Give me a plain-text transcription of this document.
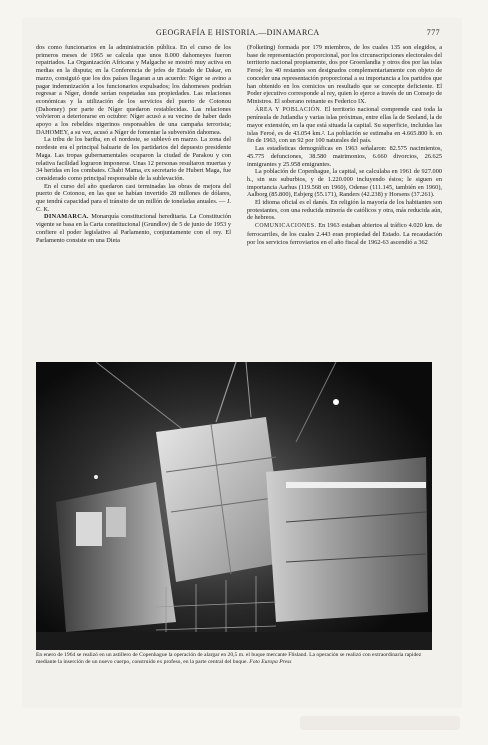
GEOGRAFÍA E HISTORIA.—DINAMARCA	777

dos como funcionarios en la administración pública. En el curso de los primeros meses de 1965 se calcula que unos 8.000 dahomeyes fueron repatriados. La Organización Africana y Malgache se mostró muy activa en medias en la disputa; en la Conferencia de jefes de Estado de Dakar, en marzo, consiguió que los dos países llegaran a un acuerdo: Níger se avino a pagar indemnización a los funcionarios expulsados; los dahomeses podrían regresar a Níger, donde serían respetadas sus propiedades. Las relaciones económicas y la utilización de los servicios del puerto de Cotonou (Dahomey) por parte de Níger quedaron restablecidas. Las relaciones volvieron a deteriorarse en octubre: Níger acusó a su vecino de haber dado apoyo a los rebeldes nigerinos responsables de una campaña terrorista; DAHOMEY, a su vez, acusó a Níger de fomentar la subversión dahomea.

La tribu de los bariba, en el nordeste, se sublevó en marzo. La zona del nordeste era el principal baluarte de los partidarios del depuesto presidente Maga. Las tropas gubernamentales ocuparon la ciudad de Parakou y con relativa facilidad lograron imponerse. Unas 12 personas resultaron muertas y 34 heridas en los combates. Chabi Mama, ex secretario de Hubert Maga, fue considerado como principal responsable de la sublevación.

En el curso del año quedaron casi terminadas las obras de mejora del puerto de Cotonou, en las que se habían invertido 28 millones de dólares, que tendrá capacidad para el tránsito de un millón de toneladas anuales. — J. C. K.

DINAMARCA. Monarquía constitucional hereditaria. La Constitución vigente se basa en la Carta constitucional (Grundlov) de 5 de junio de 1953 y confiere el poder legislativo al Parlamento, conjuntamente con el rey. El Parlamento consiste en una Dieta

(Folketing) formada por 179 miembros, de los cuales 135 son elegidos, a base de representación proporcional, por los circunscripciones electorales del territorio nacional propiamente, dos por Groenlandia y otros dos por las islas Feroé; los 40 restantes son designados complementariamente con objeto de conceder una representación proporcional a su importancia a los partidos que han obtenido en los comicios un resultado que se concepte deficiente. El Poder ejecutivo corresponde al rey, quien lo ejerce a través de un Consejo de Ministros. El soberano reinante es Federico IX.

ÁREA Y POBLACIÓN. El territorio nacional comprende casi toda la península de Jutlandia y varias islas próximas, entre ellas la de Seeland, la de mayor extensión, en la que está situada la capital. Su superficie, incluidas las islas Feroé, es de 43.054 km.². La población se estimaba en 4.665.800 h. en fin de 1963, con un 92 por 100 naturales del país.

Las estadísticas demográficas en 1963 señalaron: 82.575 nacimientos, 45.775 defunciones, 38.580 matrimonios, 6.660 divorcios, 26.625 inmigrantes y 25.958 emigrantes.

La población de Copenhague, la capital, se calculaba en 1961 de 927.000 h., sin sus suburbios, y de 1.220.000 incluyendo éstos; le siguen en importancia Aarhus (119.568 en 1960), Odense (111.145, también en 1960), Aalborg (85.800), Esbjerg (55.171), Randers (42.238) y Horsens (37.261).

El idioma oficial es el danés. En religión la mayoría de los habitantes son protestantes, con una reducida minoría de católicos y otra, más reducida aún, de hebreos.

COMUNICACIONES. En 1963 estaban abiertos al tráfico 4.020 km. de ferrocarriles, de los cuales 2.443 eran propiedad del Estado. La recaudación por los servicios ferroviarios en el año fiscal de 1962-63 ascendió a 362

En enero de 1964 se realizó en un astillero de Copenhague la operación de alargar en 20,5 m. el buque mercante Flisland. La operación se realizó con extraordinaria rapidez mediante la inserción de un nuevo cuerpo, construido ex profeso, en la parte central del buque. Foto Europa Press
